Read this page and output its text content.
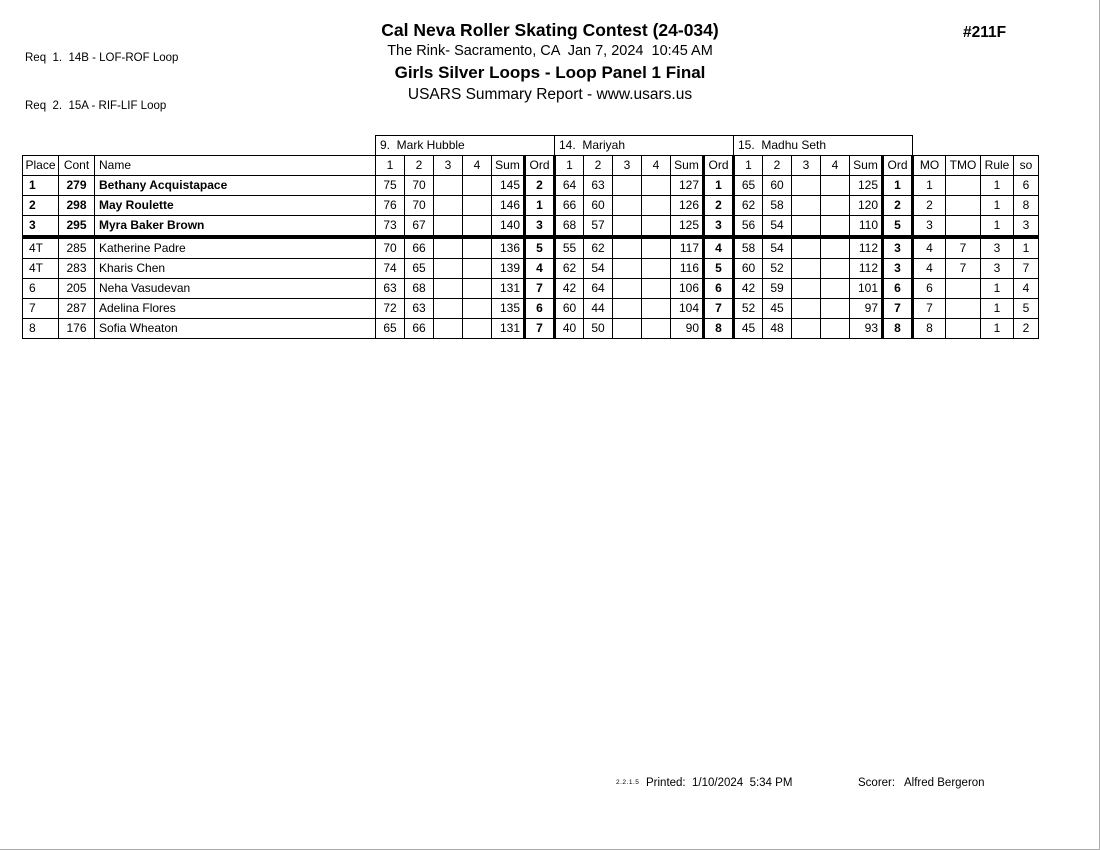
Req  1.  14B - LOF-ROF Loop

Req  2.  15A - RIF-LIF Loop

Cal Neva Roller Skating Contest (24-034)
The Rink- Sacramento, CA  Jan 7, 2024  10:45 AM
Girls Silver Loops - Loop Panel 1 Final
USARS Summary Report - www.usars.us
#211F
			9.  Mark Hubble						14.  Mariyah						15.  Madhu Seth									
Place	Cont	Name	1	2	3	4	Sum	Ord	1	2	3	4	Sum	Ord	1	2	3	4	Sum	Ord	MO	TMO	Rule	so
1	279	Bethany Acquistapace	75	70			145	2	64	63			127	1	65	60			125	1	1		1	6
2	298	May Roulette	76	70			146	1	66	60			126	2	62	58			120	2	2		1	8
3	295	Myra Baker Brown	73	67			140	3	68	57			125	3	56	54			110	5	3		1	3
4T	285	Katherine Padre	70	66			136	5	55	62			117	4	58	54			112	3	4	7	3	1
4T	283	Kharis Chen	74	65			139	4	62	54			116	5	60	52			112	3	4	7	3	7
6	205	Neha Vasudevan	63	68			131	7	42	64			106	6	42	59			101	6	6		1	4
7	287	Adelina Flores	72	63			135	6	60	44			104	7	52	45			97	7	7		1	5
8	176	Sofia Wheaton	65	66			131	7	40	50			90	8	45	48			93	8	8		1	2
2.2.1.5 Printed:  1/10/2024  5:34 PM	Scorer:   Alfred Bergeron
